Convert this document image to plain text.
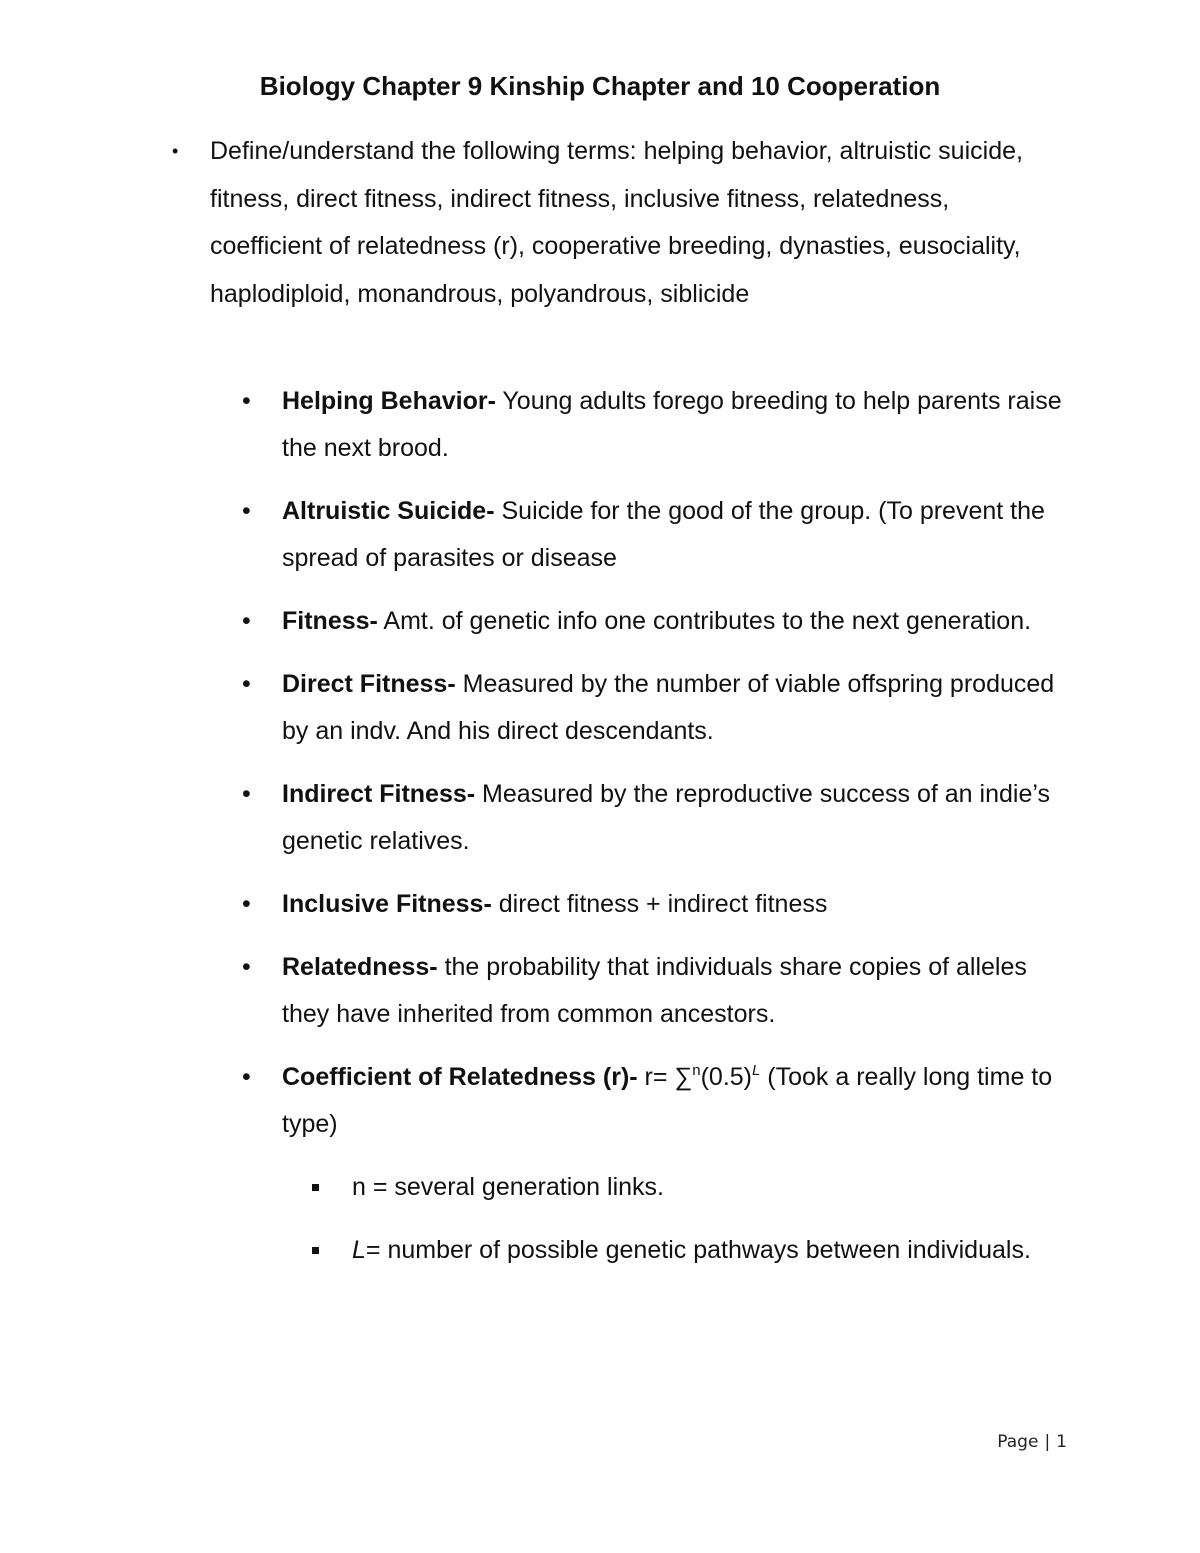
Biology Chapter 9 Kinship Chapter and 10 Cooperation
• Define/understand the following terms: helping behavior, altruistic suicide, fitness, direct fitness, indirect fitness, inclusive fitness, relatedness, coefficient of relatedness (r), cooperative breeding, dynasties, eusociality, haplodiploid, monandrous, polyandrous, siblicide
• Helping Behavior- Young adults forego breeding to help parents raise the next brood.
• Altruistic Suicide- Suicide for the good of the group. (To prevent the spread of parasites or disease
• Fitness- Amt. of genetic info one contributes to the next generation.
• Direct Fitness- Measured by the number of viable offspring produced by an indv. And his direct descendants.
• Indirect Fitness- Measured by the reproductive success of an indie’s genetic relatives.
• Inclusive Fitness- direct fitness + indirect fitness
• Relatedness- the probability that individuals share copies of alleles they have inherited from common ancestors.
• Coefficient of Relatedness (r)- $r= \sum^n(0.5)^L$ (Took a really long time to type)
n = several generation links.
L= number of possible genetic pathways between individuals.
Page | 1
